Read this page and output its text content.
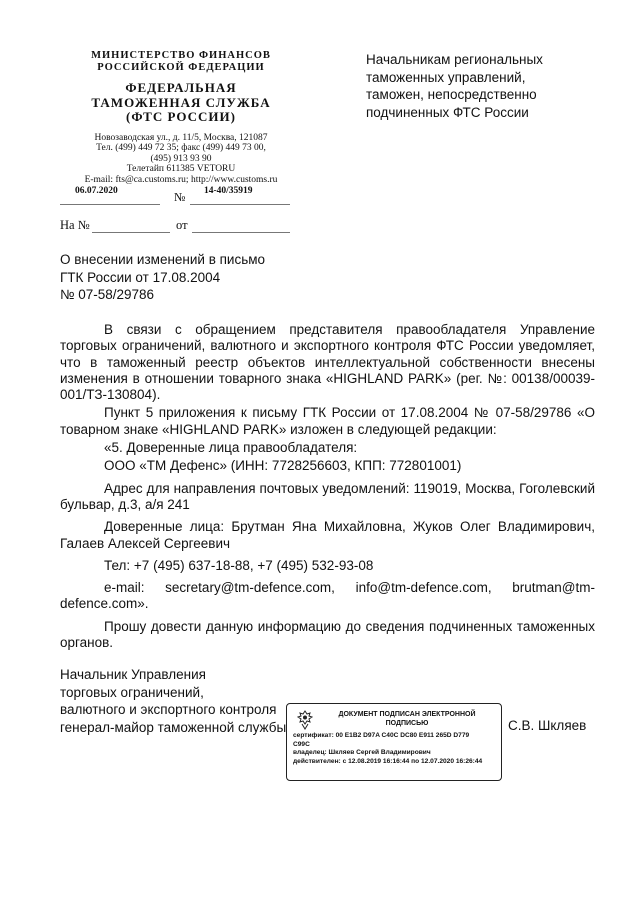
МИНИСТЕРСТВО ФИНАНСОВ
РОССИЙСКОЙ ФЕДЕРАЦИИ
ФЕДЕРАЛЬНАЯ
ТАМОЖЕННАЯ СЛУЖБА
(ФТС РОССИИ)
Новозаводская ул., д. 11/5, Москва, 121087
Тел. (499) 449 72 35; факс (499) 449 73 00,
(495) 913 93 90
Телетайп 611385 VETORU
E-mail: fts@ca.customs.ru; http://www.customs.ru
06.07.2020	№ 14-40/35919
На №	от
Начальникам региональных
таможенных управлений,
таможен, непосредственно
подчиненных ФТС России
О внесении изменений в письмо
ГТК России от 17.08.2004
№ 07-58/29786

В связи с обращением представителя правообладателя Управление торговых ограничений, валютного и экспортного контроля ФТС России уведомляет, что в таможенный реестр объектов интеллектуальной собственности внесены изменения в отношении товарного знака «HIGHLAND PARK» (рег. №: 00138/00039-001/ТЗ-130804).

Пункт 5 приложения к письму ГТК России от 17.08.2004 № 07-58/29786 «О товарном знаке «HIGHLAND PARK» изложен в следующей редакции:

«5. Доверенные лица правообладателя:

ООО «ТМ Дефенс» (ИНН: 7728256603, КПП: 772801001)

Адрес для направления почтовых уведомлений: 119019, Москва, Гоголевский бульвар, д.3, а/я 241

Доверенные лица: Брутман Яна Михайловна, Жуков Олег Владимирович, Галаев Алексей Сергеевич

Тел: +7 (495) 637-18-88, +7 (495) 532-93-08

e-mail: secretary@tm-defence.com, info@tm-defence.com, brutman@tm-defence.com».

Прошу довести данную информацию до сведения подчиненных таможенных органов.

Начальник Управления
торговых ограничений,
валютного и экспортного контроля
генерал-майор таможенной службы	С.В. Шкляев
ДОКУМЕНТ ПОДПИСАН ЭЛЕКТРОННОЙ
ПОДПИСЬЮ
сертификат: 00 E1B2 D97A C40C DC80 E911 265D D779
C99C
владелец: Шкляев Сергей Владимирович
действителен: с 12.08.2019 16:16:44 по 12.07.2020 16:26:44
